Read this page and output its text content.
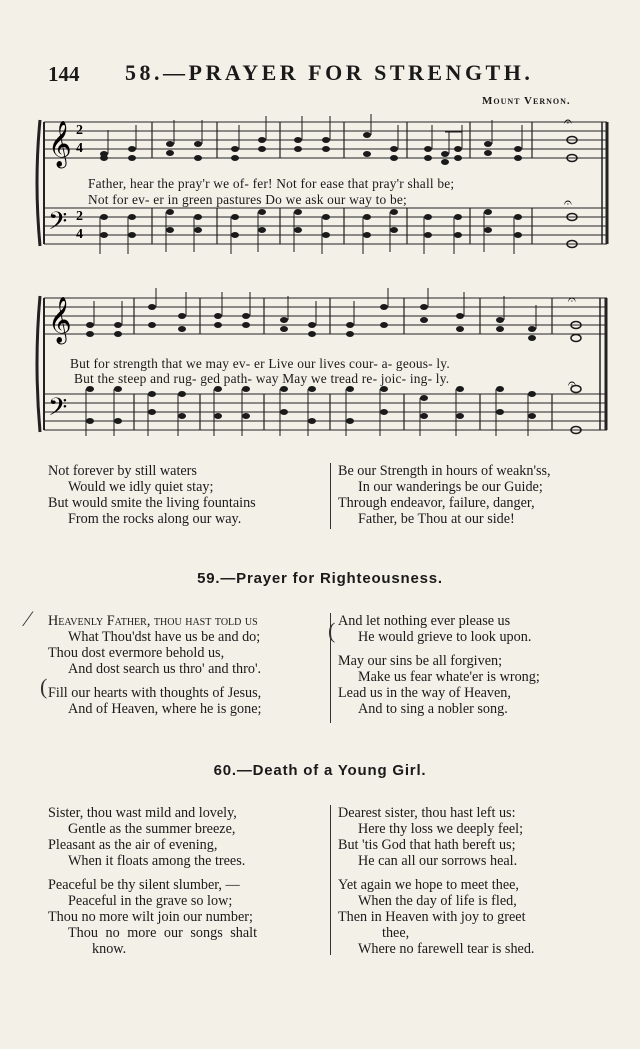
144 58.—PRAYER FOR STRENGTH.
Mount Vernon.
𝄞
𝄢
2
4
2
4
𝄐
𝄐
Father, hear the pray'r we of- fer! Not for ease that pray'r shall be;
Not for ev- er in green pastures Do we ask our way to be;
𝄞
𝄢
𝄐
𝄐
But for strength that we may ev- er Live our lives cour- a- geous- ly.
But the steep and rug- ged path- way May we tread re- joic- ing- ly.
Not forever by still waters
Would we idly quiet stay;
But would smite the living fountains
From the rocks along our way.
Be our Strength in hours of weakn'ss,
In our wanderings be our Guide;
Through endeavor, failure, danger,
Father, be Thou at our side!
59.—Prayer for Righteousness.
⁄
(
(
Heavenly Father, thou hast told us
What Thou'dst have us be and do;
Thou dost evermore behold us,
And dost search us thro' and thro'.
Fill our hearts with thoughts of Jesus,
And of Heaven, where he is gone;
And let nothing ever please us
He would grieve to look upon.
May our sins be all forgiven;
Make us fear whate'er is wrong;
Lead us in the way of Heaven,
And to sing a nobler song.
60.—Death of a Young Girl.
Sister, thou wast mild and lovely,
Gentle as the summer breeze,
Pleasant as the air of evening,
When it floats among the trees.
Peaceful be thy silent slumber, —
Peaceful in the grave so low;
Thou no more wilt join our number;
Thou no more our songs shalt
know.
Dearest sister, thou hast left us:
Here thy loss we deeply feel;
But 'tis God that hath bereft us;
He can all our sorrows heal.
Yet again we hope to meet thee,
When the day of life is fled,
Then in Heaven with joy to greet
thee,
Where no farewell tear is shed.
